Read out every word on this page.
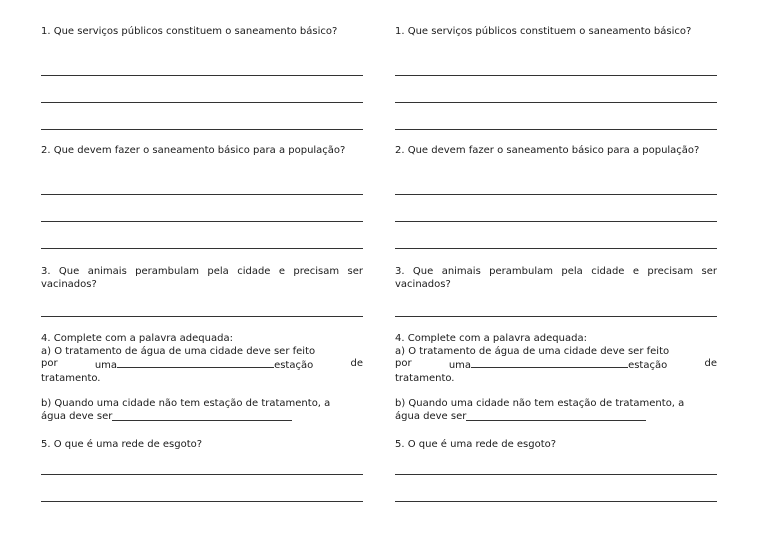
1. Que serviços públicos constituem o saneamento básico?

2. Que devem fazer o saneamento básico para a população?

3. Que animais perambulam pela cidade e precisam ser vacinados?

4. Complete com a palavra adequada:
a) O tratamento de água de uma cidade deve ser feito
por	uma	estação	de
tratamento.
b) Quando uma cidade não tem estação de tratamento, a
água deve ser

5. O que é uma rede de esgoto?

1. Que serviços públicos constituem o saneamento básico?

2. Que devem fazer o saneamento básico para a população?

3. Que animais perambulam pela cidade e precisam ser vacinados?

4. Complete com a palavra adequada:
a) O tratamento de água de uma cidade deve ser feito
por	uma	estação	de
tratamento.
b) Quando uma cidade não tem estação de tratamento, a
água deve ser

5. O que é uma rede de esgoto?
